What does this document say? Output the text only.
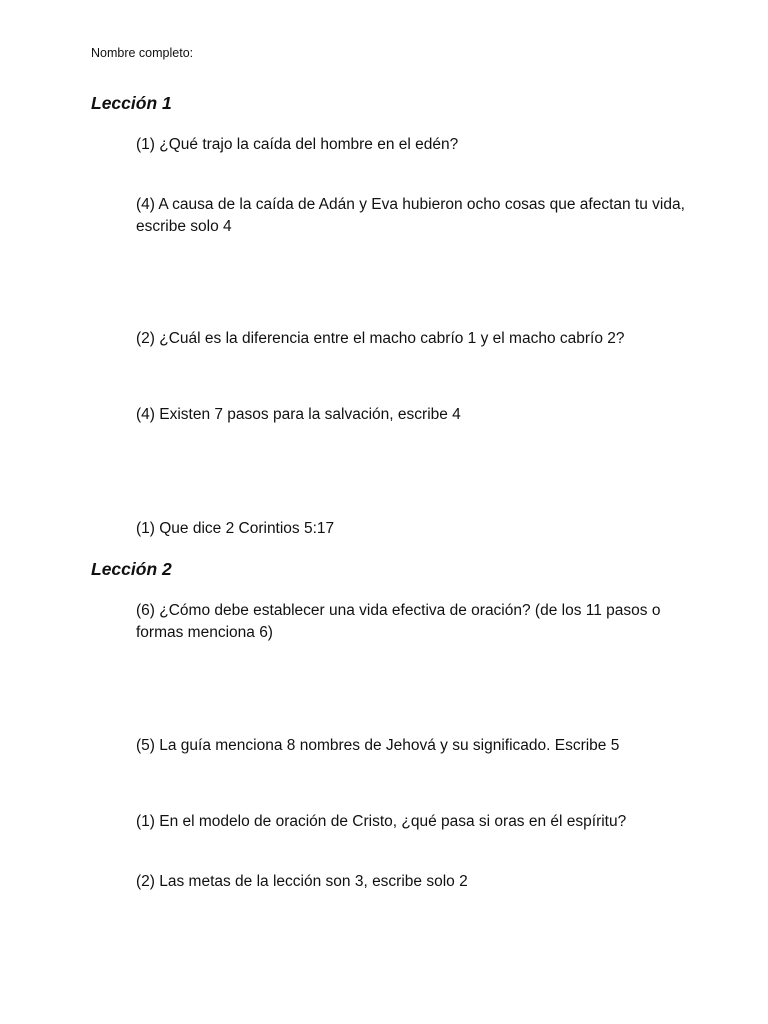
Nombre completo:
Lección 1

(1) ¿Qué trajo la caída del hombre en el edén?

(4) A causa de la caída de Adán y Eva hubieron ocho cosas que afectan tu vida, escribe solo 4

(2) ¿Cuál es la diferencia entre el macho cabrío 1 y el macho cabrío 2?

(4) Existen 7 pasos para la salvación, escribe 4

(1) Que dice 2 Corintios 5:17

Lección 2

(6) ¿Cómo debe establecer una vida efectiva de oración? (de los 11 pasos o formas menciona 6)

(5) La guía menciona 8 nombres de Jehová y su significado. Escribe 5

(1) En el modelo de oración de Cristo, ¿qué pasa si oras en él espíritu?

(2) Las metas de la lección son 3, escribe solo 2
